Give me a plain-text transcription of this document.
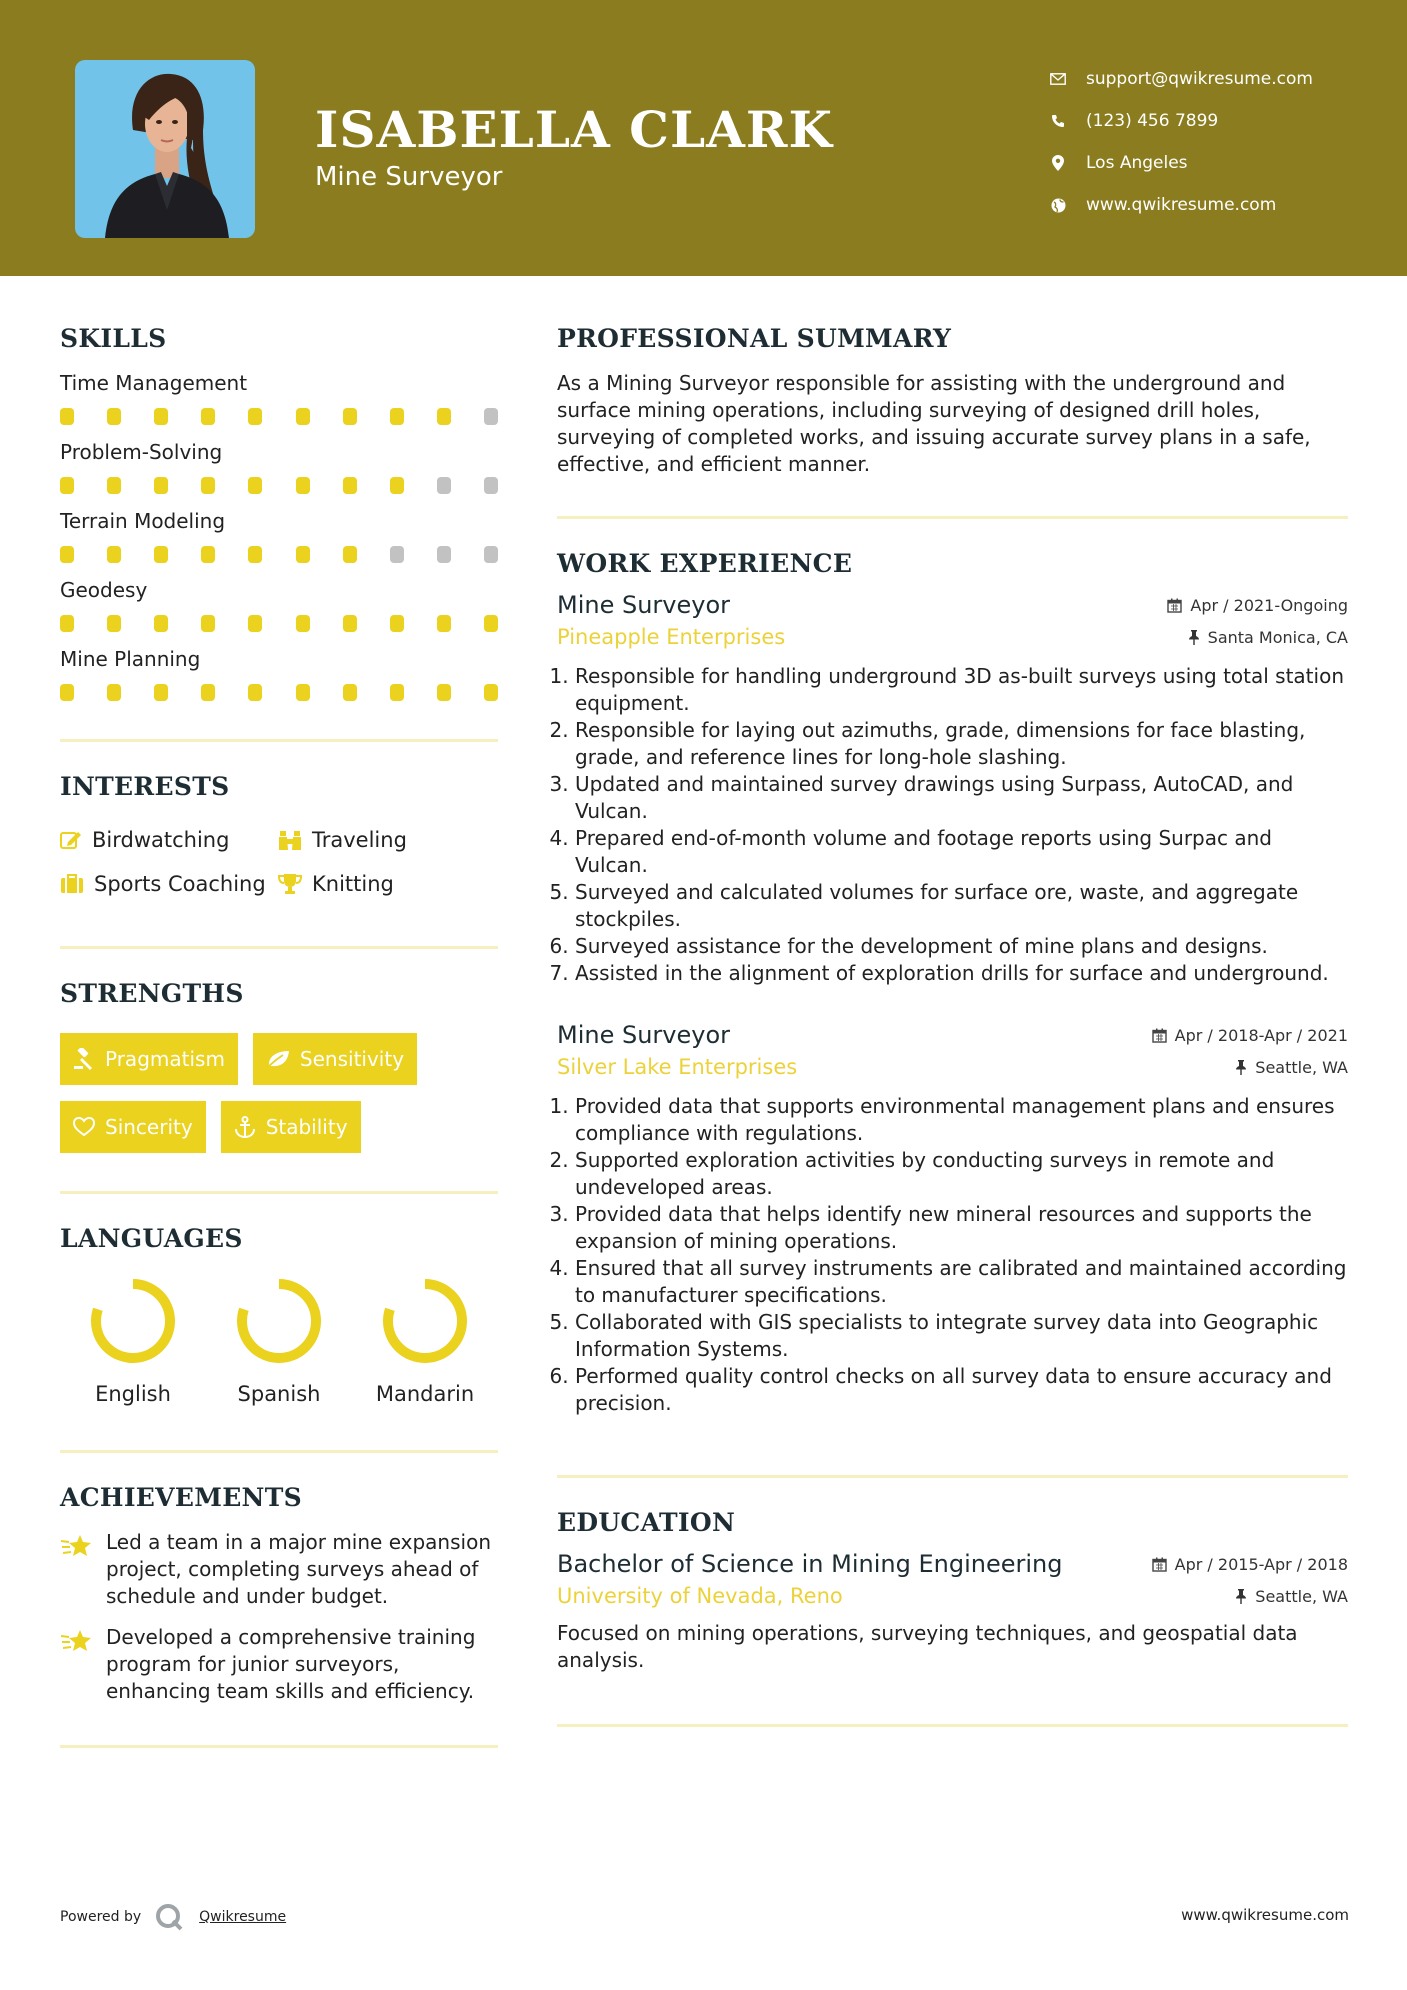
ISABELLA CLARK
Mine Surveyor
support@qwikresume.com
(123) 456 7899
Los Angeles
www.qwikresume.com
SKILLS
Time Management
Problem-Solving
Terrain Modeling
Geodesy
Mine Planning
INTERESTS
Birdwatching	Traveling
Sports Coaching Knitting
STRENGTHS
Pragmatism	Sensitivity
Sincerity	Stability
LANGUAGES
English	Spanish	Mandarin
ACHIEVEMENTS
Led a team in a major mine expansion project, completing surveys ahead of schedule and under budget.
Developed a comprehensive training program for junior surveyors, enhancing team skills and efficiency.
PROFESSIONAL SUMMARY
As a Mining Surveyor responsible for assisting with the underground and surface mining operations, including surveying of designed drill holes, surveying of completed works, and issuing accurate survey plans in a safe, effective, and efficient manner.
WORK EXPERIENCE
Mine Surveyor	Apr / 2021-Ongoing
Pineapple Enterprises	Santa Monica, CA
1. Responsible for handling underground 3D as-built surveys using total station equipment.
2. Responsible for laying out azimuths, grade, dimensions for face blasting, grade, and reference lines for long-hole slashing.
3. Updated and maintained survey drawings using Surpass, AutoCAD, and Vulcan.
4. Prepared end-of-month volume and footage reports using Surpac and Vulcan.
5. Surveyed and calculated volumes for surface ore, waste, and aggregate stockpiles.
6. Surveyed assistance for the development of mine plans and designs.
7. Assisted in the alignment of exploration drills for surface and underground.
Mine Surveyor	Apr / 2018-Apr / 2021
Silver Lake Enterprises	Seattle, WA
1. Provided data that supports environmental management plans and ensures compliance with regulations.
2. Supported exploration activities by conducting surveys in remote and undeveloped areas.
3. Provided data that helps identify new mineral resources and supports the expansion of mining operations.
4. Ensured that all survey instruments are calibrated and maintained according to manufacturer specifications.
5. Collaborated with GIS specialists to integrate survey data into Geographic Information Systems.
6. Performed quality control checks on all survey data to ensure accuracy and precision.
EDUCATION
Bachelor of Science in Mining Engineering	Apr / 2015-Apr / 2018
University of Nevada, Reno	Seattle, WA
Focused on mining operations, surveying techniques, and geospatial data analysis.
Powered by	Qwikresume	www.qwikresume.com
